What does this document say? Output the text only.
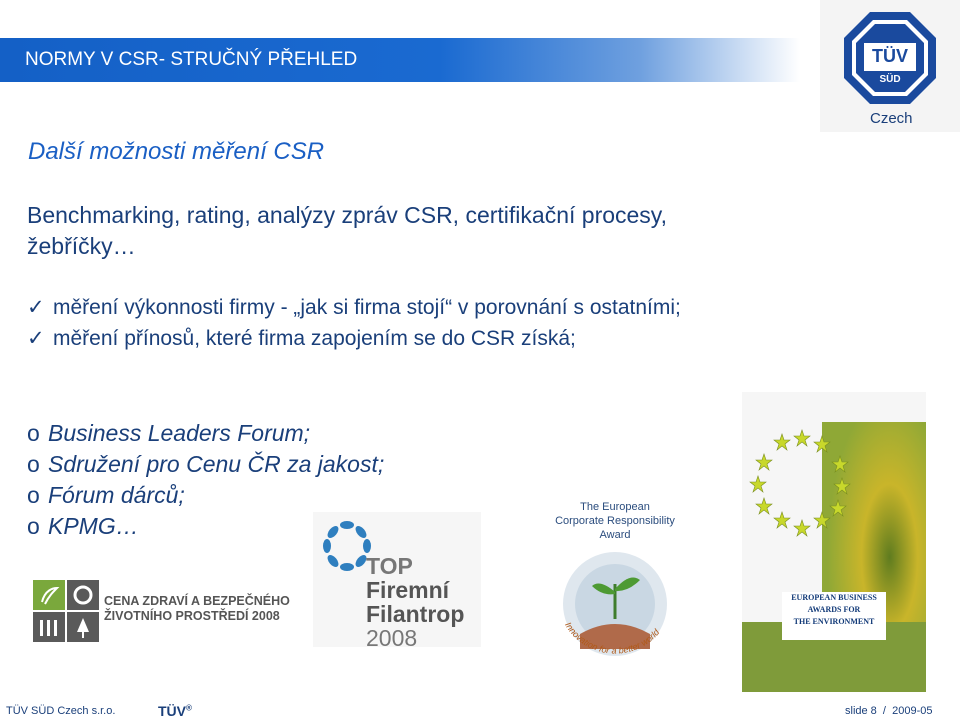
NORMY V CSR- STRUČNÝ PŘEHLED	TÜV
SÜD
Czech
Další možnosti měření CSR
Benchmarking, rating, analýzy zpráv CSR, certifikační procesy, žebříčky…
✓ měření výkonnosti firmy - „jak si firma stojí“ v porovnání s ostatními;
✓ měření přínosů, které firma zapojením se do CSR získá;
o Business Leaders Forum;
o Sdružení pro Cenu ČR za jakost;
o Fórum dárců;
o KPMG…
CENA ZDRAVÍ A BEZPEČNÉHO
ŽIVOTNÍHO PROSTŘEDÍ 2008
TOP
Firemní
Filantrop
2008
The European
Corporate Responsibility
Award
Innovation for a better world
EUROPEAN BUSINESS
AWARDS FOR
THE ENVIRONMENT
TÜV SÜD Czech s.r.o.	TÜV®	slide 8 / 2009-05
